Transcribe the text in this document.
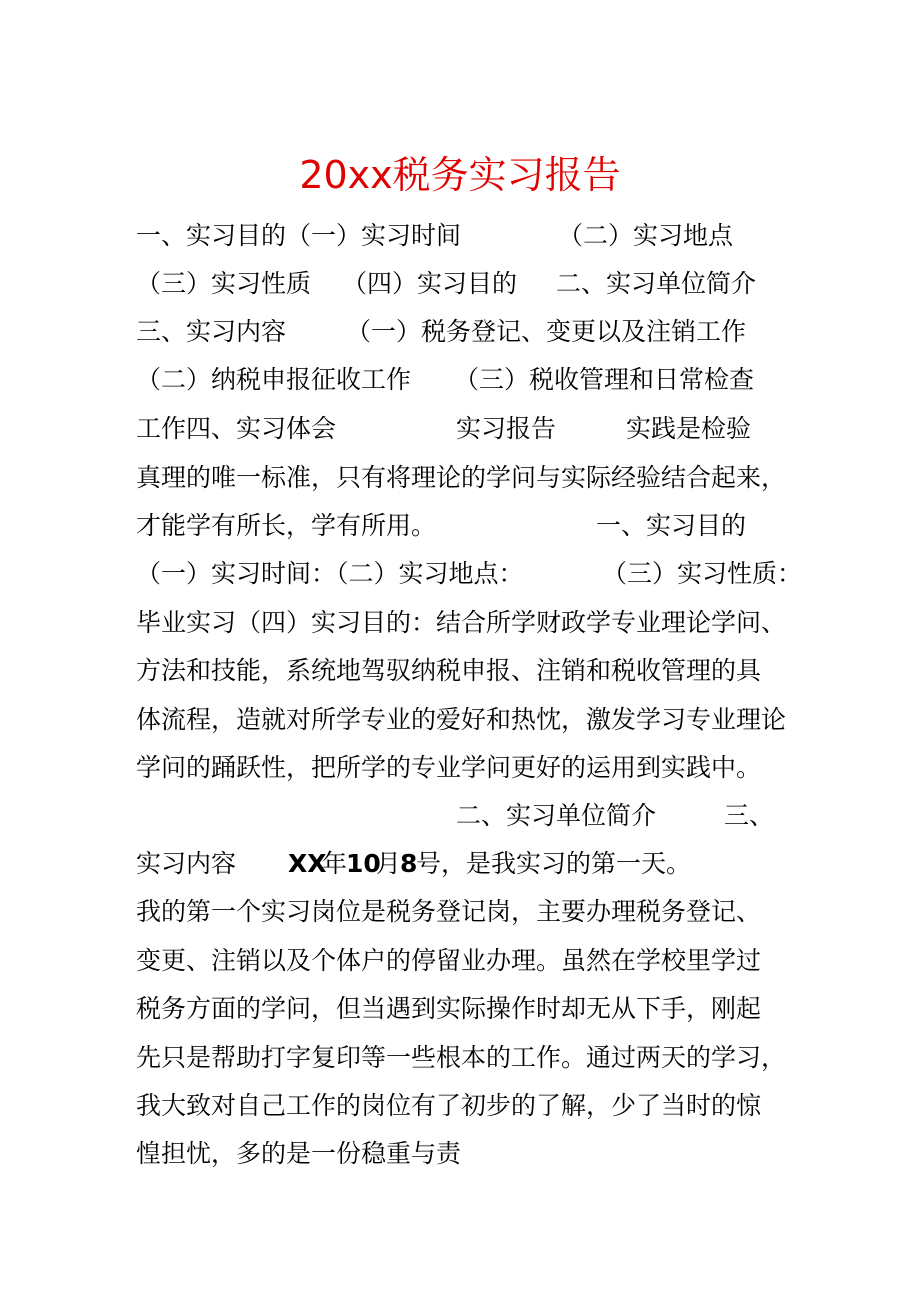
20xx税务实习报告
一、实习目的（一）实习时间	（二）实习地点
（三）实习性质 （四）实习目的 二、实习单位简介
三、实习内容 （一）税务登记、变更以及注销工作
（二）纳税申报征收工作 （三）税收管理和日常检查
工作四、实习体会	实习报告	实践是检验
真理的唯一标准，只有将理论的学问与实际经验结合起来，
才能学有所长，学有所用。	一、实习目的
（一）实习时间：（二）实习地点：	（三）实习性质：
毕业实习（四）实习目的：结合所学财政学专业理论学问、
方法和技能，系统地驾驭纳税申报、注销和税收管理的具
体流程，造就对所学专业的爱好和热忱，激发学习专业理论
学问的踊跃性，把所学的专业学问更好的运用到实践中。
二、实习单位简介	三、
实习内容 XX
年
10
月
8
号，是我实习的第一天。
我的第一个实习岗位是税务登记岗，主要办理税务登记、
变更、注销以及个体户的停留业办理。虽然在学校里学过
税务方面的学问，但当遇到实际操作时却无从下手，刚起
先只是帮助打字复印等一些根本的工作。通过两天的学习，
我大致对自己工作的岗位有了初步的了解，少了当时的惊
惶担忧，多的是一份稳重与责
